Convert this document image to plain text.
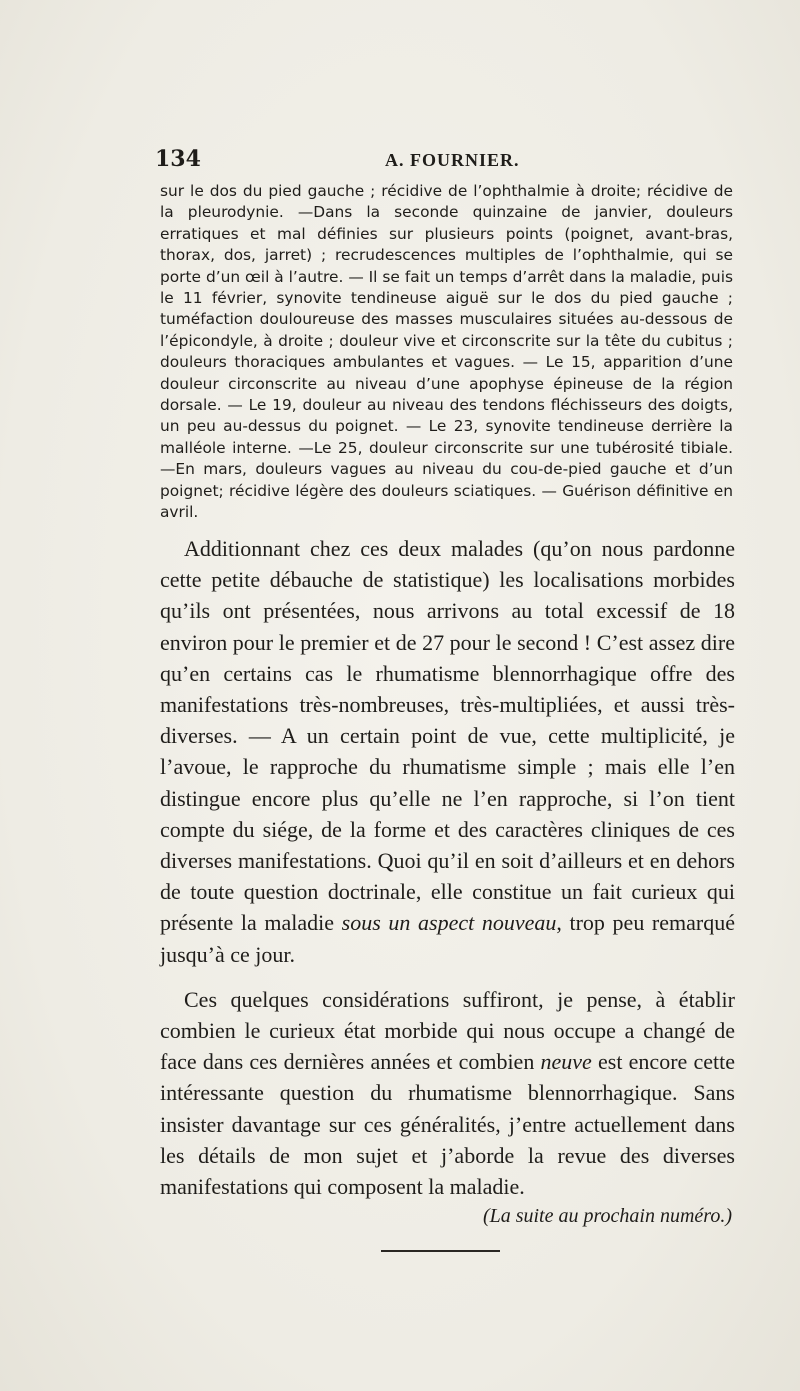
134	A. FOURNIER.

sur le dos du pied gauche ; récidive de l’ophthalmie à droite; récidive de la pleurodynie. —Dans la seconde quinzaine de janvier, douleurs erratiques et mal définies sur plusieurs points (poignet, avant-bras, thorax, dos, jarret) ; recrudescences multiples de l’ophthalmie, qui se porte d’un œil à l’autre. — Il se fait un temps d’arrêt dans la maladie, puis le 11 février, synovite tendineuse aiguë sur le dos du pied gauche ; tuméfaction douloureuse des masses musculaires situées au-dessous de l’épicondyle, à droite ; douleur vive et circonscrite sur la tête du cubitus ; douleurs thoraciques ambulantes et vagues. — Le 15, apparition d’une douleur circonscrite au niveau d’une apophyse épineuse de la région dorsale. — Le 19, douleur au niveau des tendons fléchisseurs des doigts, un peu au-dessus du poignet. — Le 23, synovite tendineuse derrière la malléole interne. —Le 25, douleur circonscrite sur une tubérosité tibiale. —En mars, douleurs vagues au niveau du cou-de-pied gauche et d’un poignet; récidive légère des douleurs sciatiques. — Guérison définitive en avril.

Additionnant chez ces deux malades (qu’on nous pardonne cette petite débauche de statistique) les localisations morbides qu’ils ont présentées, nous arrivons au total excessif de 18 environ pour le premier et de 27 pour le second ! C’est assez dire qu’en certains cas le rhumatisme blennorrhagique offre des manifestations très-nombreuses, très-multipliées, et aussi très-diverses. — A un certain point de vue, cette multiplicité, je l’avoue, le rapproche du rhumatisme simple ; mais elle l’en distingue encore plus qu’elle ne l’en rapproche, si l’on tient compte du siége, de la forme et des caractères cliniques de ces diverses manifestations. Quoi qu’il en soit d’ailleurs et en dehors de toute question doctrinale, elle constitue un fait curieux qui présente la maladie sous un aspect nouveau, trop peu remarqué jusqu’à ce jour.

Ces quelques considérations suffiront, je pense, à établir combien le curieux état morbide qui nous occupe a changé de face dans ces dernières années et combien neuve est encore cette intéressante question du rhumatisme blennorrhagique. Sans insister davantage sur ces généralités, j’entre actuellement dans les détails de mon sujet et j’aborde la revue des diverses manifestations qui composent la maladie.

(La suite au prochain numéro.)
